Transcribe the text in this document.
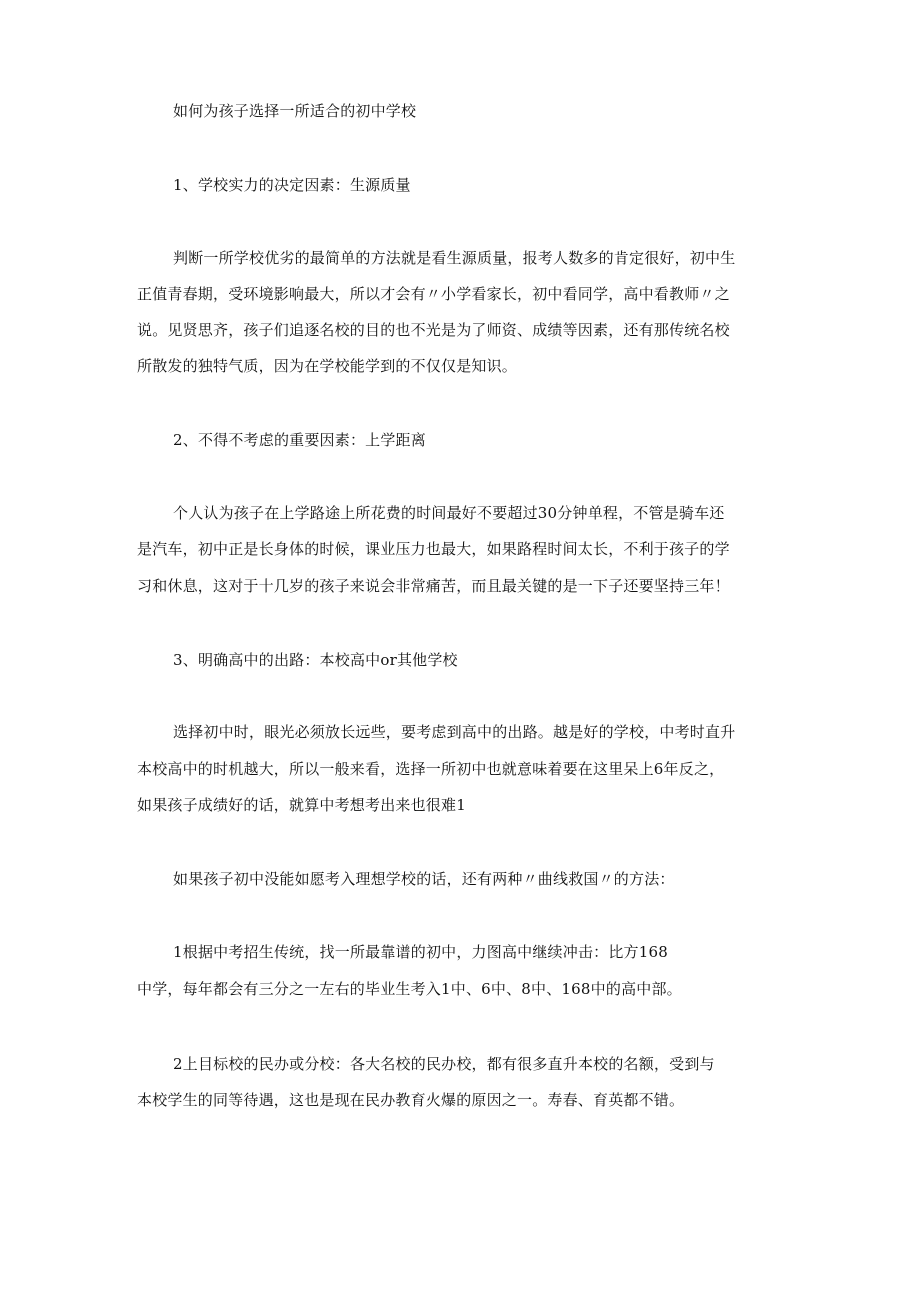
如何为孩子选择一所适合的初中学校
1、学校实力的决定因素：生源质量
判断一所学校优劣的最简单的方法就是看生源质量，报考人数多的肯定很好，初中生
正值青春期，受环境影响最大，所以才会有〃小学看家长，初中看同学，高中看教师〃之
说。见贤思齐，孩子们追逐名校的目的也不光是为了师资、成绩等因素，还有那传统名校
所散发的独特气质，因为在学校能学到的不仅仅是知识。
2、不得不考虑的重要因素：上学距离
个人认为孩子在上学路途上所花费的时间最好不要超过30分钟单程，不管是骑车还
是汽车，初中正是长身体的时候，课业压力也最大，如果路程时间太长，不利于孩子的学
习和休息，这对于十几岁的孩子来说会非常痛苦，而且最关键的是一下子还要坚持三年！
3、明确高中的出路：本校高中or其他学校
选择初中时，眼光必须放长远些，要考虑到高中的出路。越是好的学校，中考时直升
本校高中的时机越大，所以一般来看，选择一所初中也就意味着要在这里呆上6年反之，
如果孩子成绩好的话，就算中考想考出来也很难1
如果孩子初中没能如愿考入理想学校的话，还有两种〃曲线救国〃的方法：
1根据中考招生传统，找一所最靠谱的初中，力图高中继续冲击：比方168
中学，每年都会有三分之一左右的毕业生考入1中、6中、8中、168中的高中部。
2上目标校的民办或分校：各大名校的民办校，都有很多直升本校的名额，受到与
本校学生的同等待遇，这也是现在民办教育火爆的原因之一。寿春、育英都不错。
